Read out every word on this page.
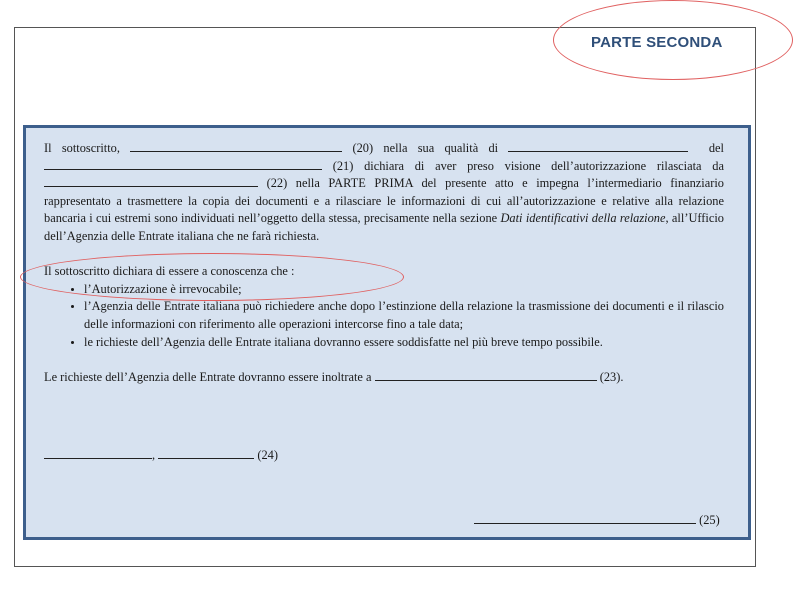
PARTE SECONDA

Il sottoscritto,	(20) nella sua qualità di	del  (21) dichiara di aver preso visione dell’autorizzazione rilasciata da (22) nella PARTE PRIMA del presente atto e impegna l’intermediario finanziario rappresentato a trasmettere la copia dei documenti e a rilasciare le informazioni di cui all’autorizzazione e relative alla relazione bancaria i cui estremi sono individuati nell’oggetto della stessa, precisamente nella sezione Dati identificativi della relazione, all’Ufficio dell’Agenzia delle Entrate italiana che ne farà richiesta.

Il sottoscritto dichiara di essere a conoscenza che :

• l’Autorizzazione è irrevocabile;
• l’Agenzia delle Entrate italiana può richiedere anche dopo l’estinzione della relazione la trasmissione dei documenti e il rilascio delle informazioni con riferimento alle operazioni intercorse fino a tale data;
• le richieste dell’Agenzia delle Entrate italiana dovranno essere soddisfatte nel più breve tempo possibile.

Le richieste dell’Agenzia delle Entrate dovranno essere inoltrate a	(23).

,	(24)
(25)
